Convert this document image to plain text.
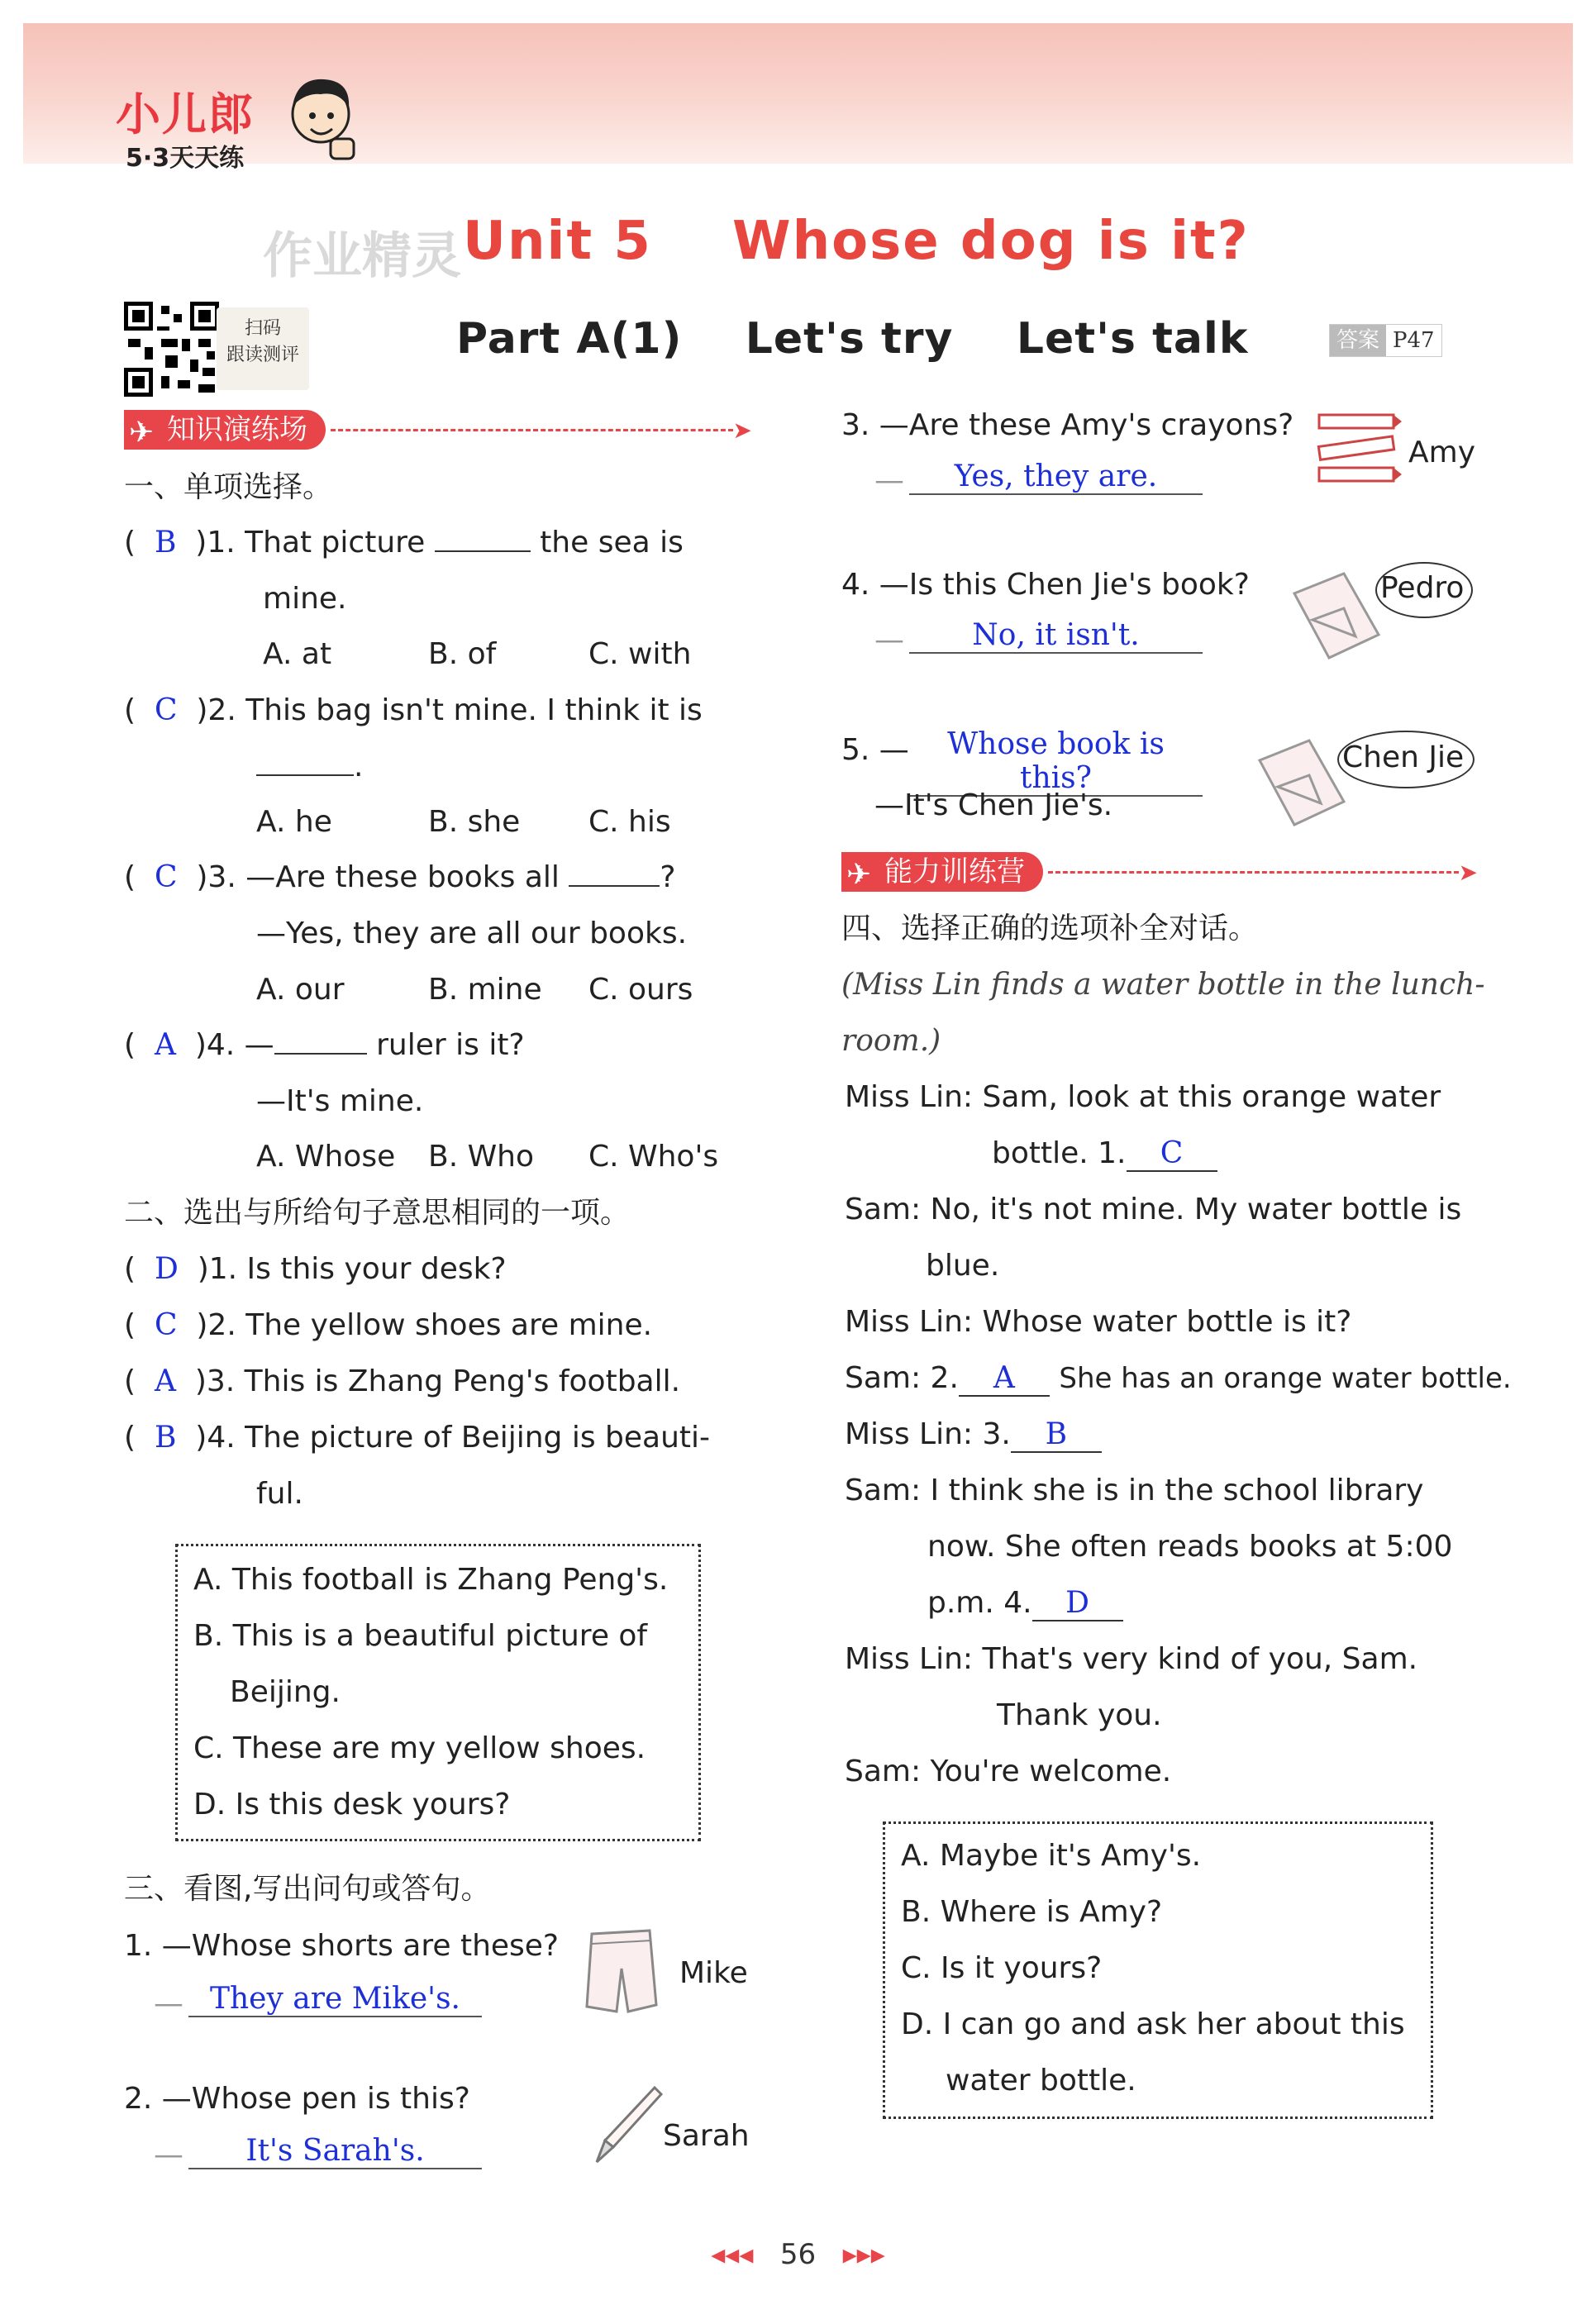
小儿郎
5·3天天练
作业精灵 Unit 5    Whose dog is it?
扫码
跟读测评	Part A(1)    Let's try    Let's talk	答案 P47
✈ 知识演练场	➤
一、单项选择。
(  B )1. That picture	the sea is
mine.
A. at	B. of	C. with
(  C )2. This bag isn't mine. I think it is
.
A. he	B. she C. his
(  C )3. —Are these books all	?
—Yes, they are all our books.
A. our	B. mine C. ours
(  A )4. —	ruler is it?
—It's mine.
A. Whose B. Who C. Who's
二、选出与所给句子意思相同的一项。
(  D )1. Is this your desk?
(  C )2. The yellow shoes are mine.
(  A )3. This is Zhang Peng's football.
(  B )4. The picture of Beijing is beauti-
ful.
A. This football is Zhang Peng's.
B. This is a beautiful picture of
Beijing.
C. These are my yellow shoes.
D. Is this desk yours?
三、看图,写出问句或答句。
1. —Whose shorts are these?
— They are Mike's.
Mike
2. —Whose pen is this?
—	It's Sarah's.	Sarah
3. —Are these Amy's crayons?
—	Yes, they are.
Amy
4. —Is this Chen Jie's book?
—	No, it isn't.
Pedro
5. —	Whose book is this?
—It's Chen Jie's.
Chen Jie
✈ 能力训练营	➤
四、选择正确的选项补全对话。
(Miss Lin finds a water bottle in the lunch-
room.)
Miss Lin: Sam, look at this orange water
bottle. 1. C
Sam: No, it's not mine. My water bottle is
blue.
Miss Lin: Whose water bottle is it?
Sam: 2. A She has an orange water bottle.
Miss Lin: 3. B
Sam: I think she is in the school library
now. She often reads books at 5:00
p.m. 4. D
Miss Lin: That's very kind of you, Sam.
Thank you.
Sam: You're welcome.
A. Maybe it's Amy's.
B. Where is Amy?
C. Is it yours?
D. I can go and ask her about this
water bottle.
◂◂◂ 56 ▸▸▸
